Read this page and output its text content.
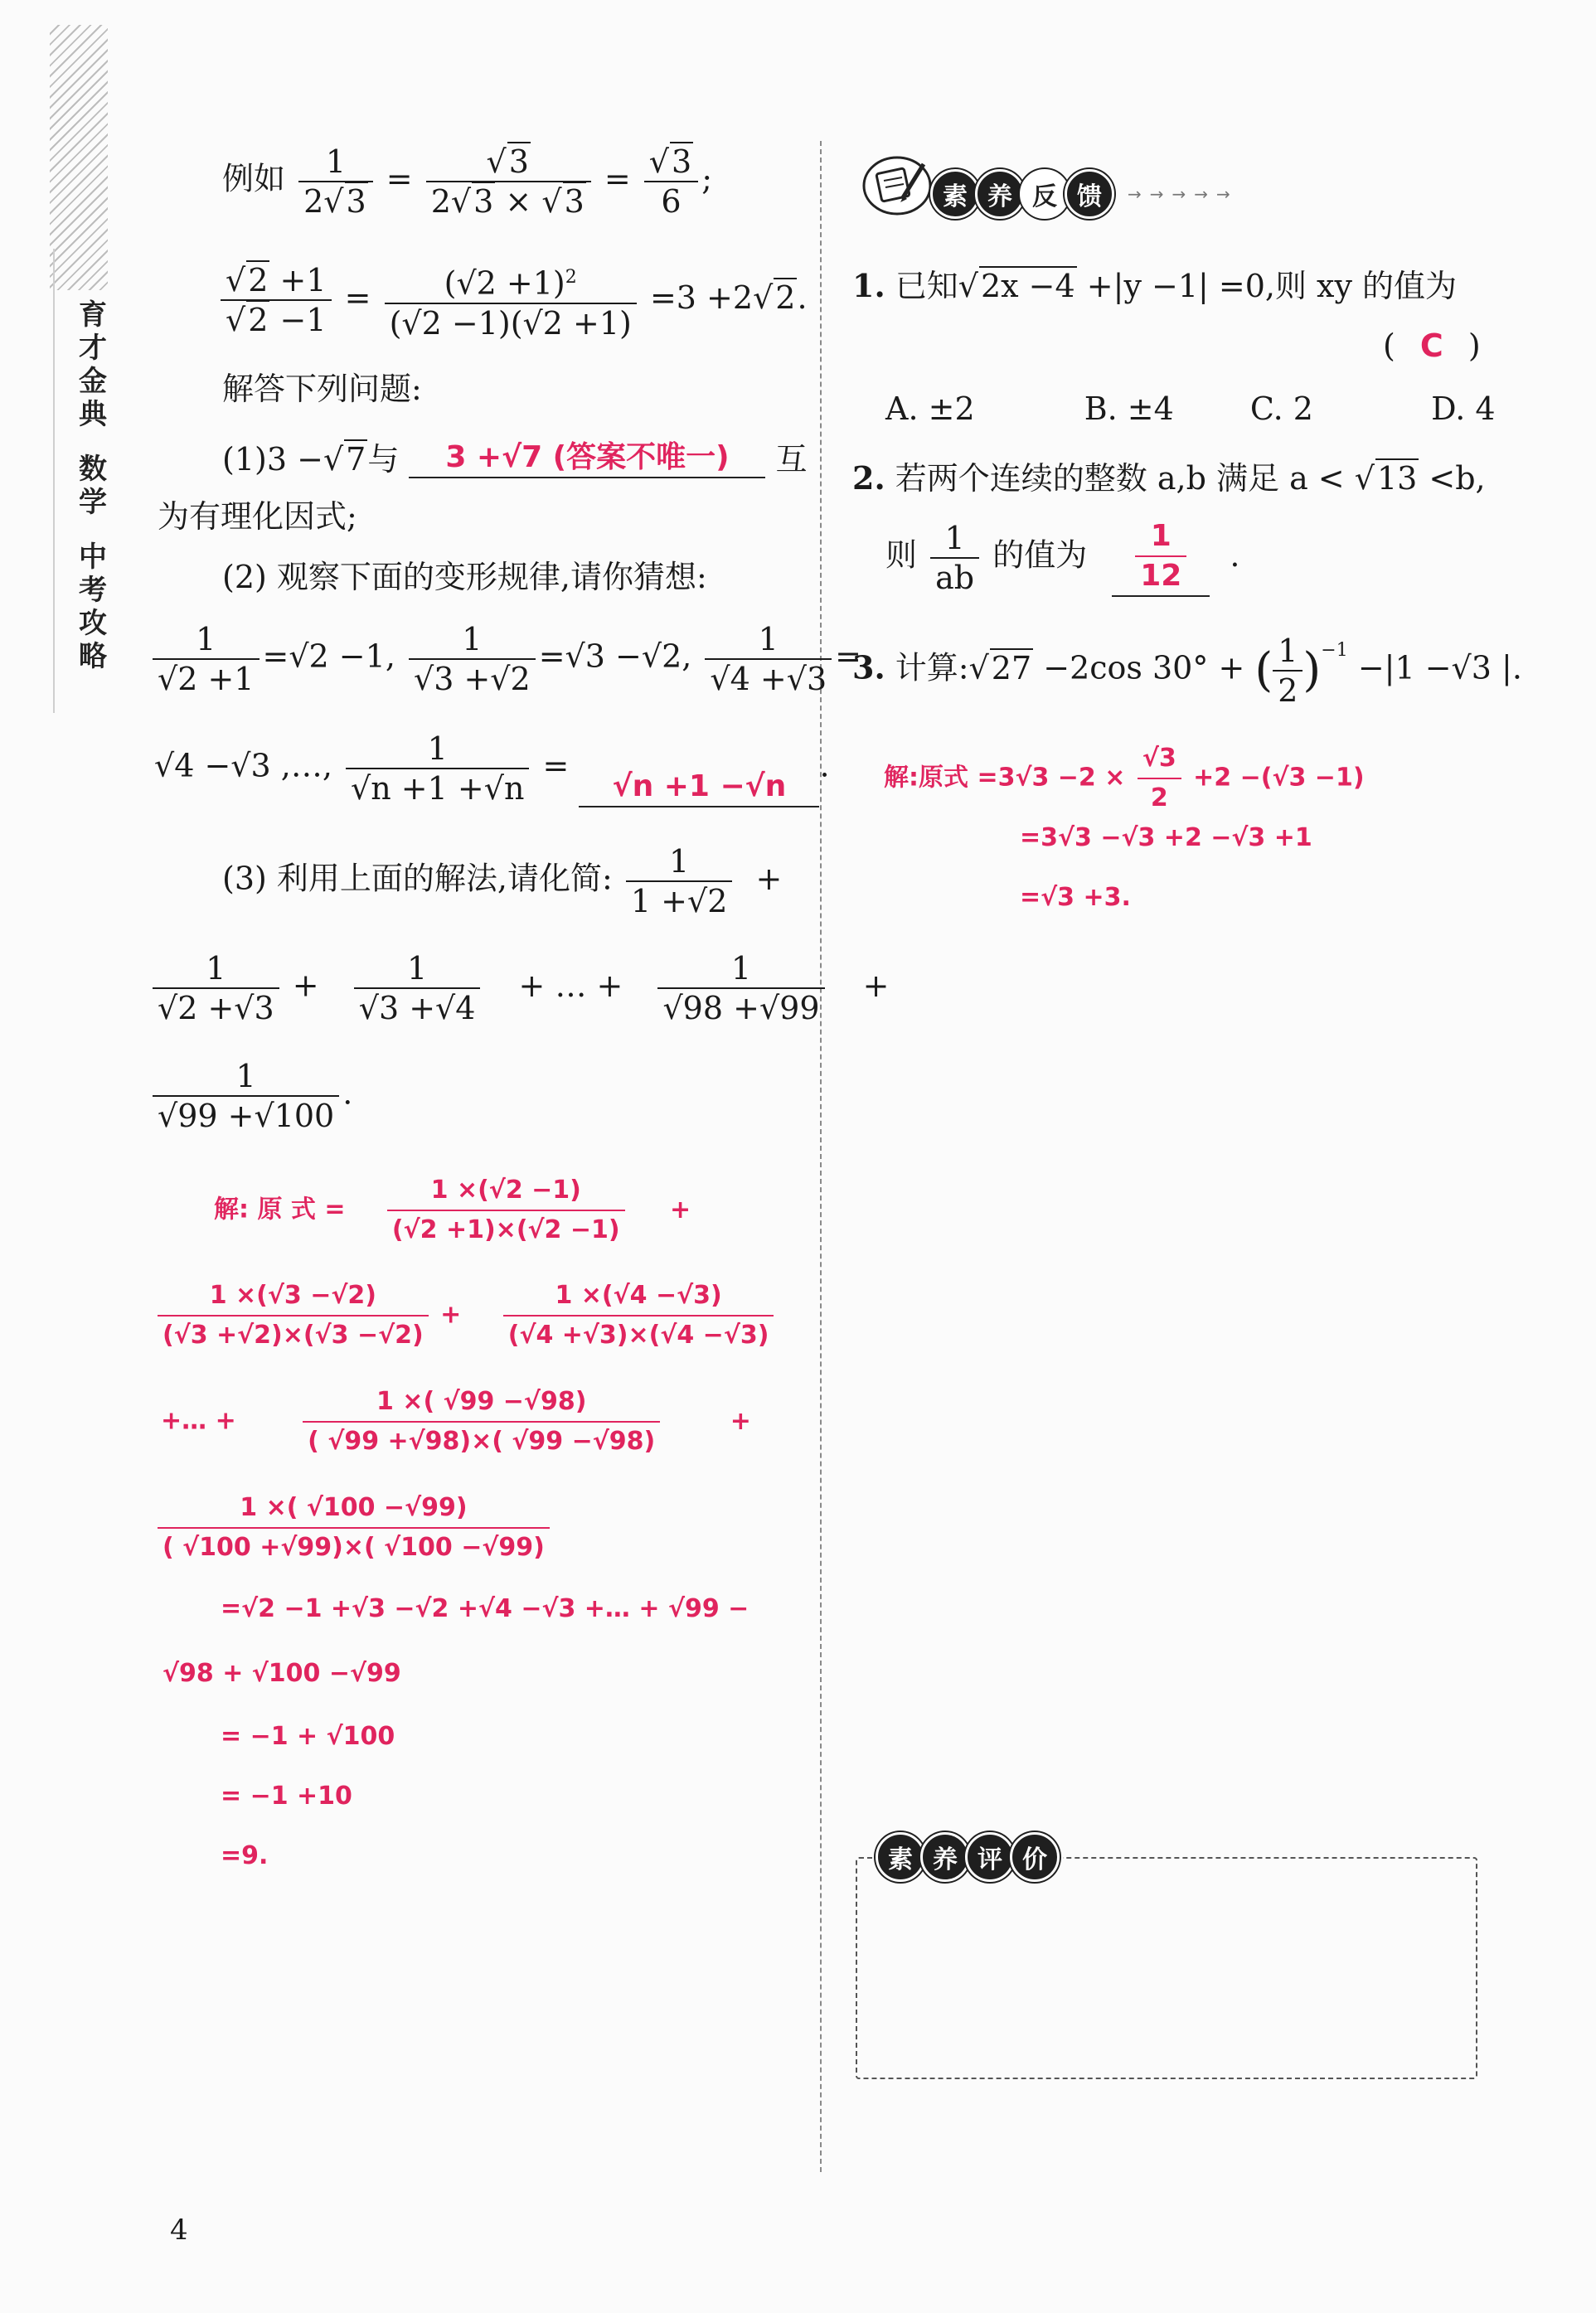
育
才
金
典
数
学
中
考
攻
略
例如 $\frac{1}{2√3} = \frac{√3}{2√3 \times √3} = \frac{√3}{6}$ ;
$\frac{√2 +1}{√2 -1} = \frac{(√2 +1)^2}{(√2 -1)(√2 +1)} =3 +2√2$.
解答下列问题:
(1)3 −√7与 3 +√7 (答案不唯一) 互
为有理化因式;
(2) 观察下面的变形规律,请你猜想:
$\frac{1}{√2 +1} =√2 -1$, $\frac{1}{√3 +√2} =√3 -√2$, $\frac{1}{√4 +√3}$ =
√4 −√3 ,…, $\frac{1}{√n +1 +√n} = √n +1 -√n$.
(3) 利用上面的解法,请化简: $\frac{1}{1 +√2}$ +
$\frac{1}{√2 +√3} + \frac{1}{√3 +√4}$ + … + $\frac{1}{√98 +√99}$ +
$\frac{1}{√99 +√100}$ .
解: 原 式 = $\frac{1 \times(√2 -1)}{(√2 +1)\times(√2 -1)}$ +
$\frac{1 \times(√3 -√2)}{(√3 +√2)\times(√3 -√2)} + \frac{1 \times(√4 -√3)}{(√4 +√3)\times(√4 -√3)}$
+… +	$\frac{1 \times( √99 -√98)}{( √99 +√98)\times( √99 -√98)}$	+
$\frac{1 \times( √100 -√99)}{( √100 +√99)\times( √100 -√99)}$
=√2 −1 +√3 −√2 +√4 −√3 +… + √99 −
√98 + √100 −√99
= −1 + √100
= −1 +10
=9.
4
素 养 反 馈	→→→→→
1. 已知√2x −4 +|y −1| =0,则 xy 的值为
( C )
A. ±2	B. ±4 C. 2	D. 4
2. 若两个连续的整数 a,b 满足 a < √13 <b,
则 $\frac{1}{ab}$ 的值为 $\frac{1}{12}$ .
3. 计算:√27 −2cos 30° + ( $\frac{1}{2} )^{-1} -|1 -√3$ |.
解:原式 $=3√3 -2 \times \frac{√3}{2} +2 -(√3 -1)$
=3√3 −√3 +2 −√3 +1
=√3 +3.
素 养 评 价
